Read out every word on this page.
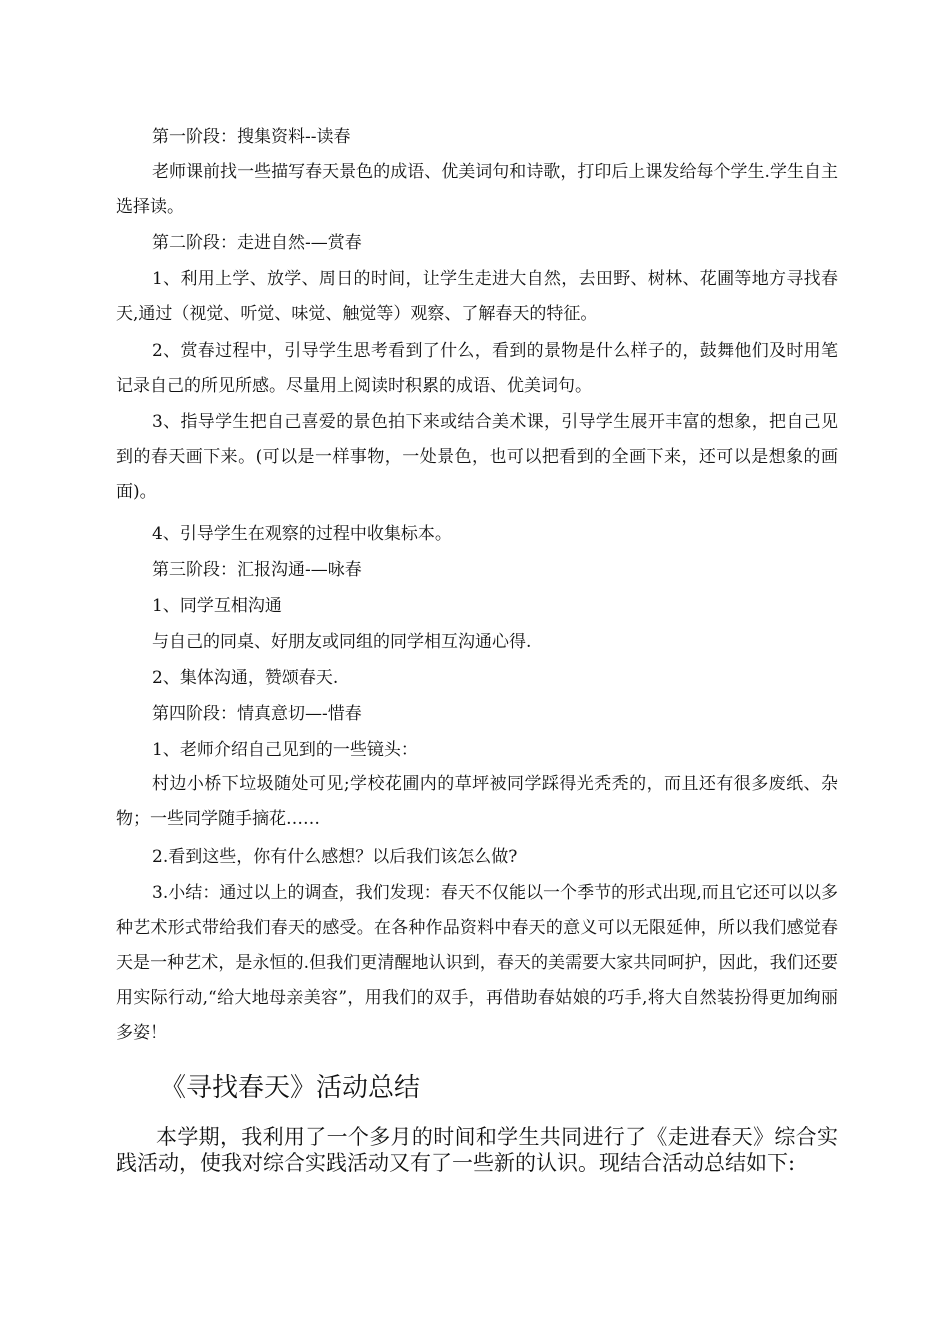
第一阶段：搜集资料--读春

老师课前找一些描写春天景色的成语、优美词句和诗歌，打印后上课发给每个学生.学生自主选择读。

第二阶段：走进自然-—赏春

1、利用上学、放学、周日的时间，让学生走进大自然，去田野、树林、花圃等地方寻找春天,通过（视觉、听觉、味觉、触觉等）观察、了解春天的特征。

2、赏春过程中，引导学生思考看到了什么，看到的景物是什么样子的，鼓舞他们及时用笔记录自己的所见所感。尽量用上阅读时积累的成语、优美词句。

3、指导学生把自己喜爱的景色拍下来或结合美术课，引导学生展开丰富的想象，把自己见到的春天画下来。(可以是一样事物，一处景色，也可以把看到的全画下来，还可以是想象的画面)。

4、引导学生在观察的过程中收集标本。

第三阶段：汇报沟通-—咏春

1、同学互相沟通

与自己的同桌、好朋友或同组的同学相互沟通心得.

2、集体沟通，赞颂春天.

第四阶段：情真意切—-惜春

1、老师介绍自己见到的一些镜头：

村边小桥下垃圾随处可见;学校花圃内的草坪被同学踩得光秃秃的，而且还有很多废纸、杂物；一些同学随手摘花……

2.看到这些，你有什么感想？以后我们该怎么做?

3.小结：通过以上的调查，我们发现：春天不仅能以一个季节的形式出现,而且它还可以以多种艺术形式带给我们春天的感受。在各种作品资料中春天的意义可以无限延伸，所以我们感觉春天是一种艺术，是永恒的.但我们更清醒地认识到，春天的美需要大家共同呵护，因此，我们还要用实际行动,“给大地母亲美容”，用我们的双手，再借助春姑娘的巧手,将大自然装扮得更加绚丽多姿！

《寻找春天》活动总结

本学期，我利用了一个多月的时间和学生共同进行了《走进春天》综合实践活动，使我对综合实践活动又有了一些新的认识。现结合活动总结如下:
